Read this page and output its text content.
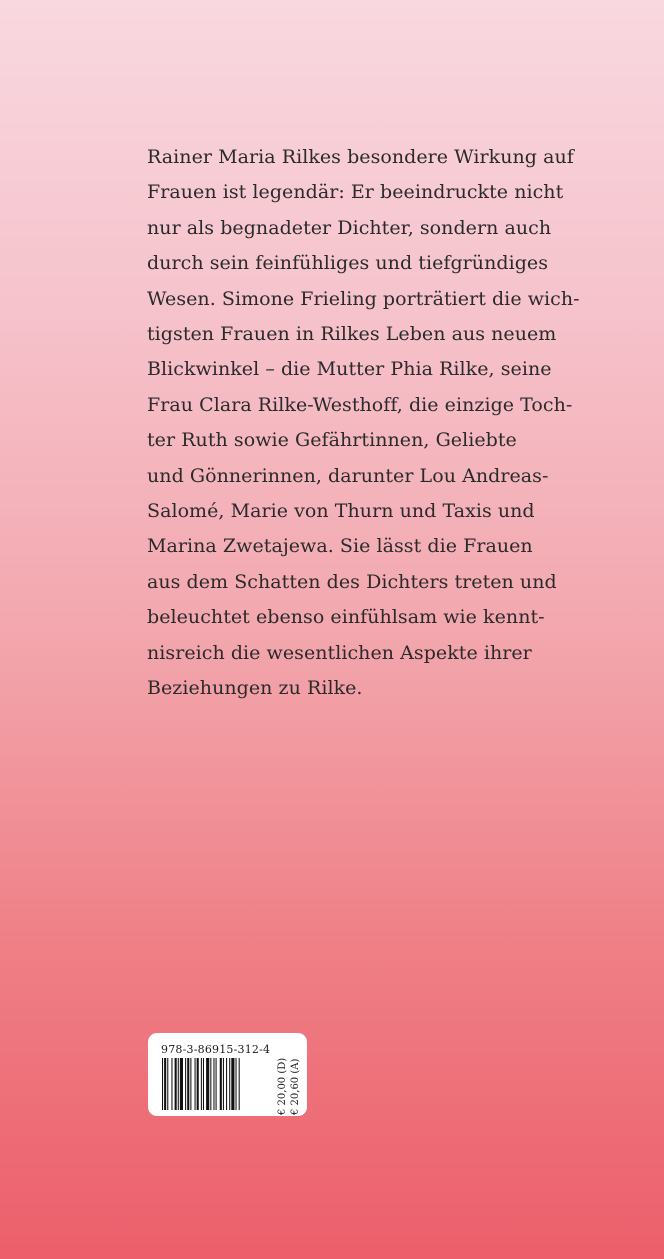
Rainer Maria Rilkes besondere Wirkung auf
Frauen ist legendär: Er beeindruckte nicht
nur als begnadeter Dichter, sondern auch
durch sein feinfühliges und tiefgründiges
Wesen. Simone Frieling porträtiert die wich-
tigsten Frauen in Rilkes Leben aus neuem
Blickwinkel – die Mutter Phia Rilke, seine
Frau Clara Rilke-Westhoff, die einzige Toch-
ter Ruth sowie Gefährtinnen, Geliebte
und Gönnerinnen, darunter Lou Andreas-
Salomé, Marie von Thurn und Taxis und
Marina Zwetajewa. Sie lässt die Frauen
aus dem Schatten des Dichters treten und
beleuchtet ebenso einfühlsam wie kennt-
nisreich die wesentlichen Aspekte ihrer
Beziehungen zu Rilke.
978-3-86915-312-4
€ 20,00 (D) € 20,60 (A)
